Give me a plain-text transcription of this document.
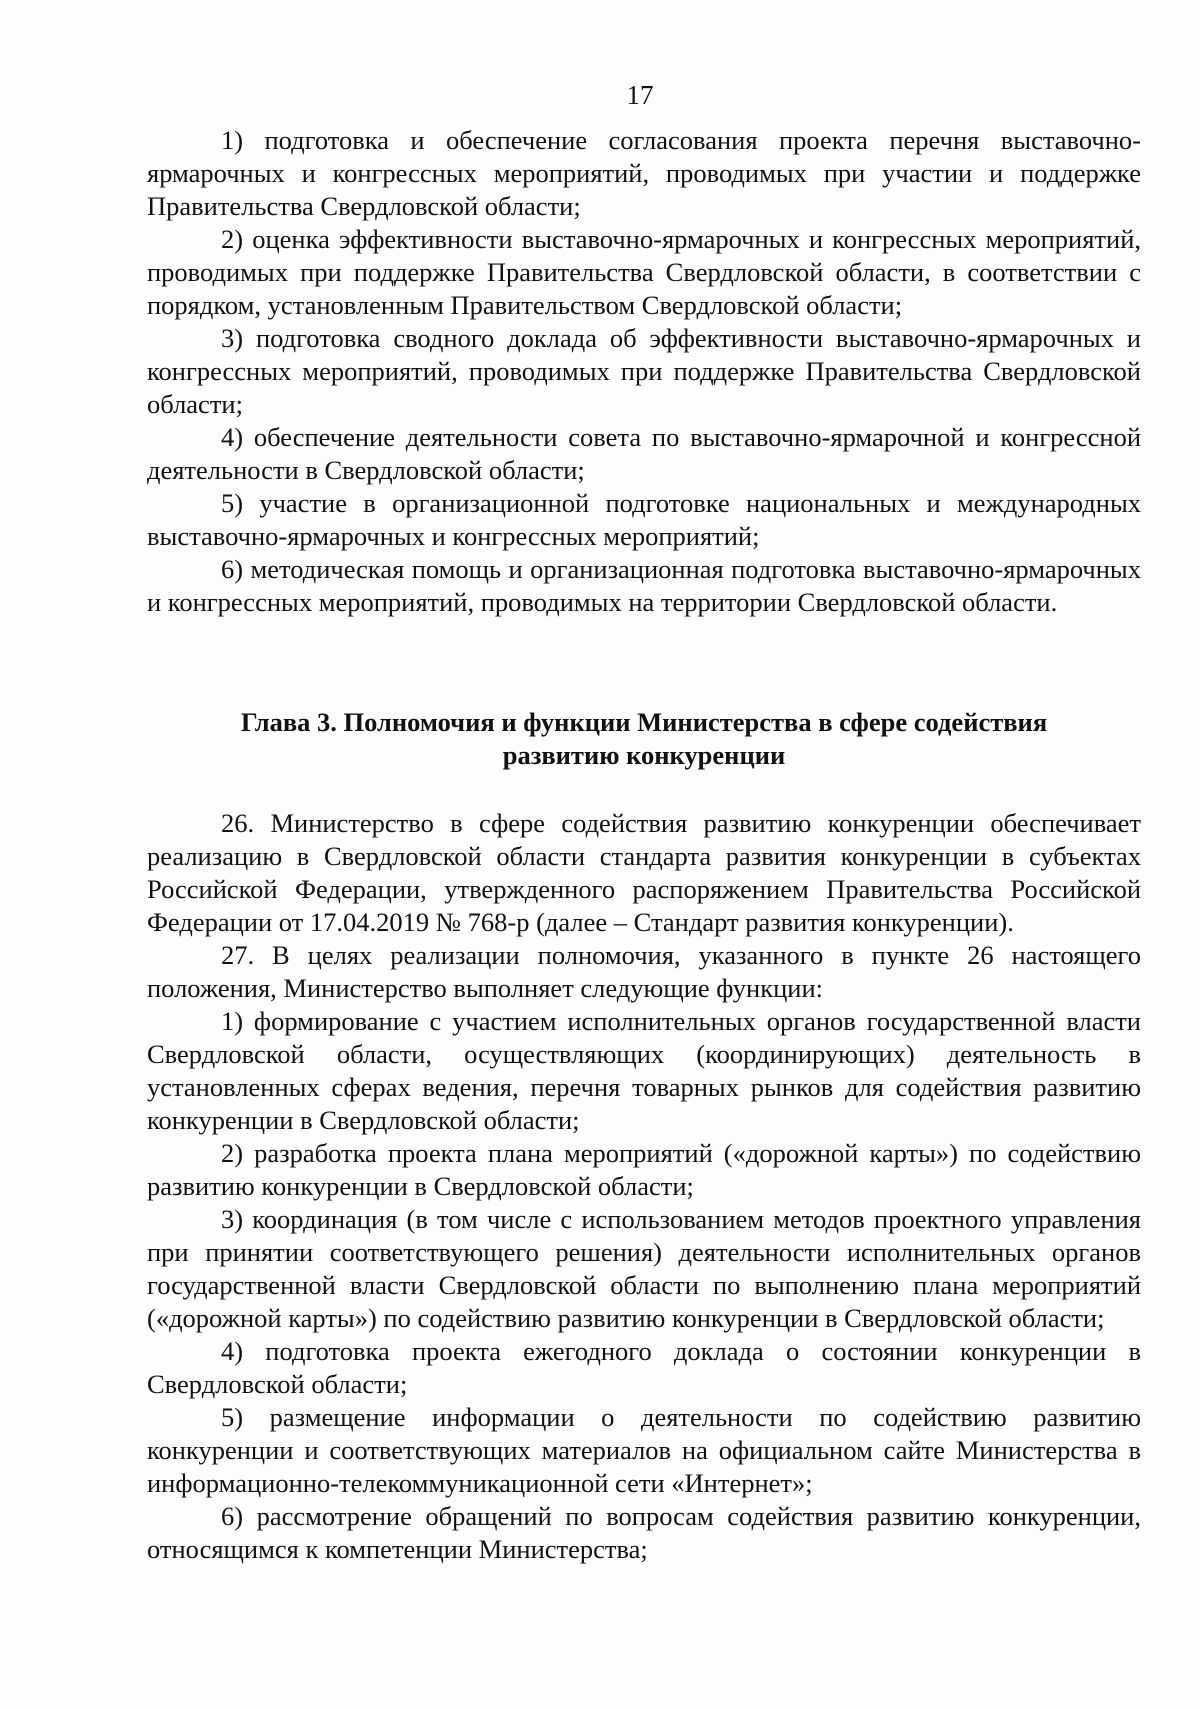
17

1) подготовка и обеспечение согласования проекта перечня выставочно-ярмарочных и конгрессных мероприятий, проводимых при участии и поддержке Правительства Свердловской области;

2) оценка эффективности выставочно-ярмарочных и конгрессных мероприятий, проводимых при поддержке Правительства Свердловской области, в соответствии с порядком, установленным Правительством Свердловской области;

3) подготовка сводного доклада об эффективности выставочно-ярмарочных и конгрессных мероприятий, проводимых при поддержке Правительства Свердловской области;

4) обеспечение деятельности совета по выставочно-ярмарочной и конгрессной деятельности в Свердловской области;

5) участие в организационной подготовке национальных и международных выставочно-ярмарочных и конгрессных мероприятий;

6) методическая помощь и организационная подготовка выставочно-ярмарочных и конгрессных мероприятий, проводимых на территории Свердловской области.

Глава 3. Полномочия и функции Министерства в сфере содействия
развитию конкуренции

26. Министерство в сфере содействия развитию конкуренции обеспечивает реализацию в Свердловской области стандарта развития конкуренции в субъектах Российской Федерации, утвержденного распоряжением Правительства Российской Федерации от 17.04.2019 № 768-р (далее – Стандарт развития конкуренции).

27. В целях реализации полномочия, указанного в пункте 26 настоящего положения, Министерство выполняет следующие функции:

1) формирование с участием исполнительных органов государственной власти Свердловской области, осуществляющих (координирующих) деятельность в установленных сферах ведения, перечня товарных рынков для содействия развитию конкуренции в Свердловской области;

2) разработка проекта плана мероприятий («дорожной карты») по содействию развитию конкуренции в Свердловской области;

3) координация (в том числе с использованием методов проектного управления при принятии соответствующего решения) деятельности исполнительных органов государственной власти Свердловской области по выполнению плана мероприятий («дорожной карты») по содействию развитию конкуренции в Свердловской области;

4) подготовка проекта ежегодного доклада о состоянии конкуренции в Свердловской области;

5) размещение информации о деятельности по содействию развитию конкуренции и соответствующих материалов на официальном сайте Министерства в информационно-телекоммуникационной сети «Интернет»;

6) рассмотрение обращений по вопросам содействия развитию конкуренции, относящимся к компетенции Министерства;
